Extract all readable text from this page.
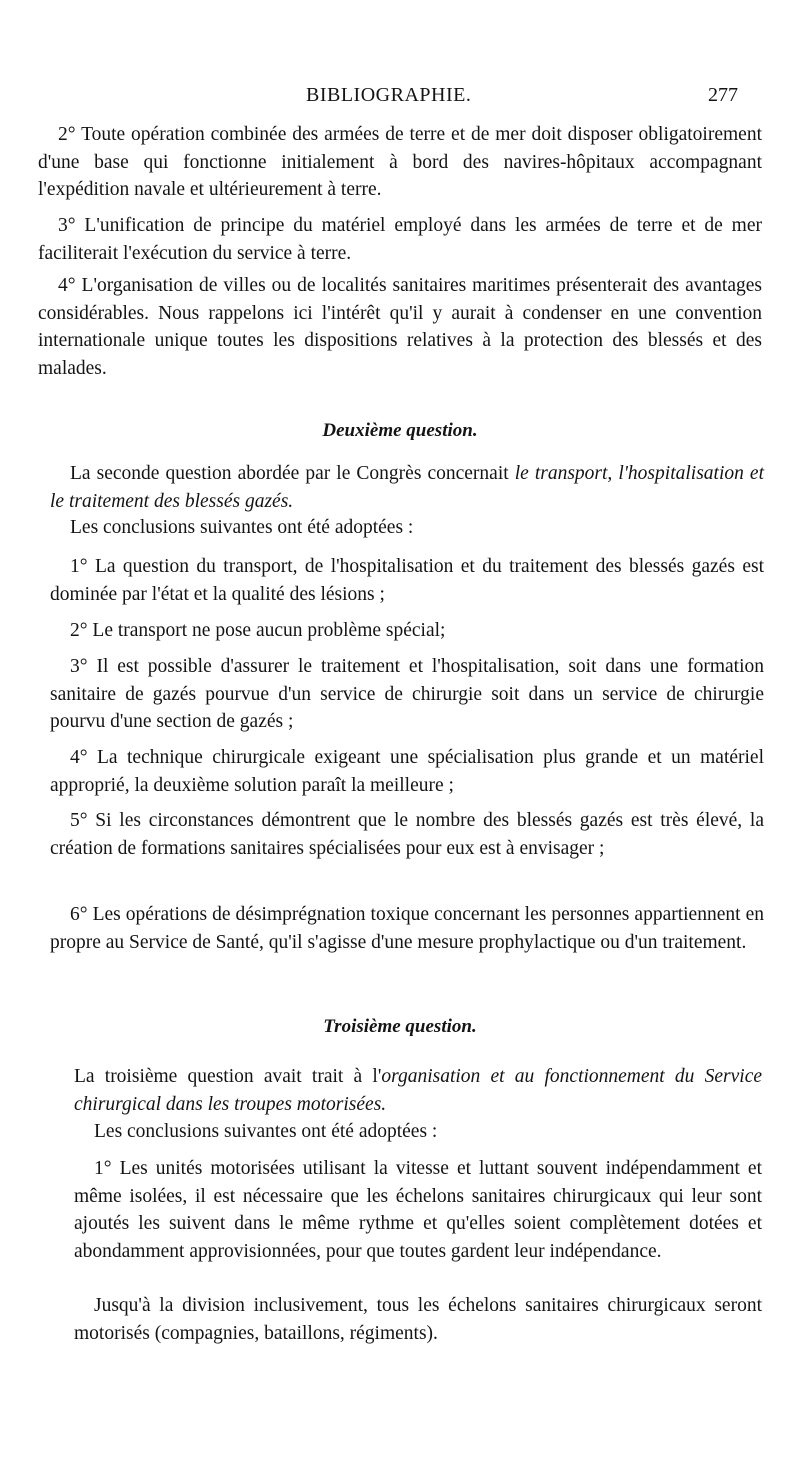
BIBLIOGRAPHIE.	277

2° Toute opération combinée des armées de terre et de mer doit disposer obligatoirement d'une base qui fonctionne initialement à bord des navires-hôpitaux accompagnant l'expédition navale et ultérieurement à terre.

3° L'unification de principe du matériel employé dans les armées de terre et de mer faciliterait l'exécution du service à terre.

4° L'organisation de villes ou de localités sanitaires maritimes présenterait des avantages considérables. Nous rappelons ici l'intérêt qu'il y aurait à condenser en une convention internationale unique toutes les dispositions relatives à la protection des blessés et des malades.

Deuxième question.

La seconde question abordée par le Congrès concernait le transport, l'hospitalisation et le traitement des blessés gazés.

Les conclusions suivantes ont été adoptées :

1° La question du transport, de l'hospitalisation et du traitement des blessés gazés est dominée par l'état et la qualité des lésions ;

2° Le transport ne pose aucun problème spécial;

3° Il est possible d'assurer le traitement et l'hospitalisation, soit dans une formation sanitaire de gazés pourvue d'un service de chirurgie soit dans un service de chirurgie pourvu d'une section de gazés ;

4° La technique chirurgicale exigeant une spécialisation plus grande et un matériel approprié, la deuxième solution paraît la meilleure ;

5° Si les circonstances démontrent que le nombre des blessés gazés est très élevé, la création de formations sanitaires spécialisées pour eux est à envisager ;

6° Les opérations de désimprégnation toxique concernant les personnes appartiennent en propre au Service de Santé, qu'il s'agisse d'une mesure prophylactique ou d'un traitement.

Troisième question.

La troisième question avait trait à l'organisation et au fonctionnement du Service chirurgical dans les troupes motorisées.

Les conclusions suivantes ont été adoptées :

1° Les unités motorisées utilisant la vitesse et luttant souvent indépendamment et même isolées, il est nécessaire que les échelons sanitaires chirurgicaux qui leur sont ajoutés les suivent dans le même rythme et qu'elles soient complètement dotées et abondamment approvisionnées, pour que toutes gardent leur indépendance.

Jusqu'à la division inclusivement, tous les échelons sanitaires chirurgicaux seront motorisés (compagnies, bataillons, régiments).
